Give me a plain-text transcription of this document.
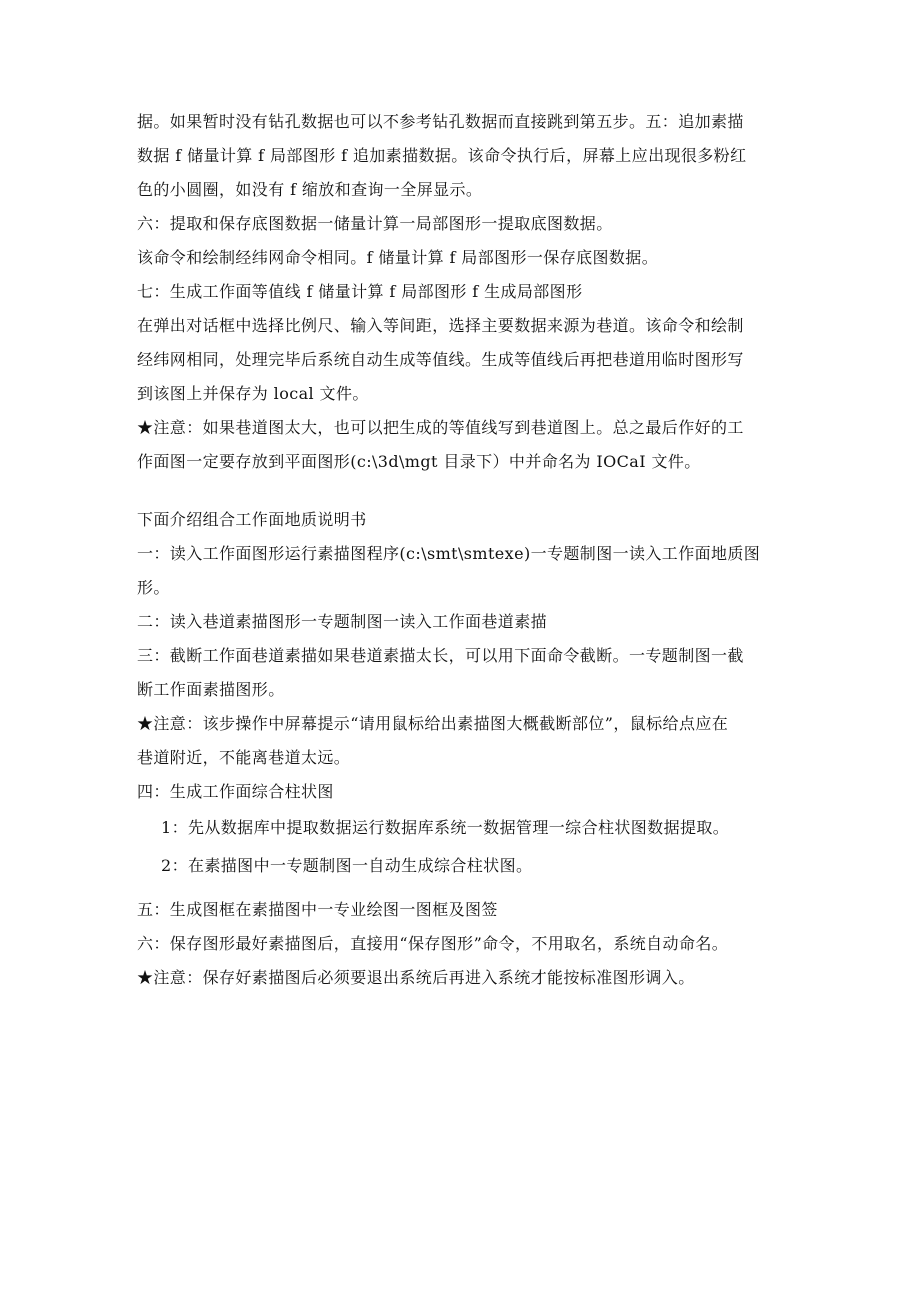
据。如果暂时没有钻孔数据也可以不参考钻孔数据而直接跳到第五步。五：追加素描
数据 f 储量计算 f 局部图形 f 追加素描数据。该命令执行后，屏幕上应出现很多粉红
色的小圆圈，如没有 f 缩放和查询一全屏显示。

六：提取和保存底图数据一储量计算一局部图形一提取底图数据。

该命令和绘制经纬网命令相同。f 储量计算 f 局部图形一保存底图数据。

七：生成工作面等值线 f 储量计算 f 局部图形 f 生成局部图形

在弹出对话框中选择比例尺、输入等间距，选择主要数据来源为巷道。该命令和绘制
经纬网相同，处理完毕后系统自动生成等值线。生成等值线后再把巷道用临时图形写
到该图上并保存为 local 文件。

★注意：如果巷道图太大，也可以把生成的等值线写到巷道图上。总之最后作好的工
作面图一定要存放到平面图形(c:\3d\mgt 目录下）中并命名为 IOCaI 文件。

下面介绍组合工作面地质说明书

一：读入工作面图形运行素描图程序(c:\smt\smtexe)一专题制图一读入工作面地质图
形。

二：读入巷道素描图形一专题制图一读入工作面巷道素描

三：截断工作面巷道素描如果巷道素描太长，可以用下面命令截断。一专题制图一截
断工作面素描图形。

★注意：该步操作中屏幕提示“请用鼠标给出素描图大概截断部位”，鼠标给点应在
巷道附近，不能离巷道太远。

四：生成工作面综合柱状图

1：先从数据库中提取数据运行数据库系统一数据管理一综合柱状图数据提取。

2：在素描图中一专题制图一自动生成综合柱状图。

五：生成图框在素描图中一专业绘图一图框及图签

六：保存图形最好素描图后，直接用“保存图形”命令，不用取名，系统自动命名。

★注意：保存好素描图后必须要退出系统后再进入系统才能按标准图形调入。
